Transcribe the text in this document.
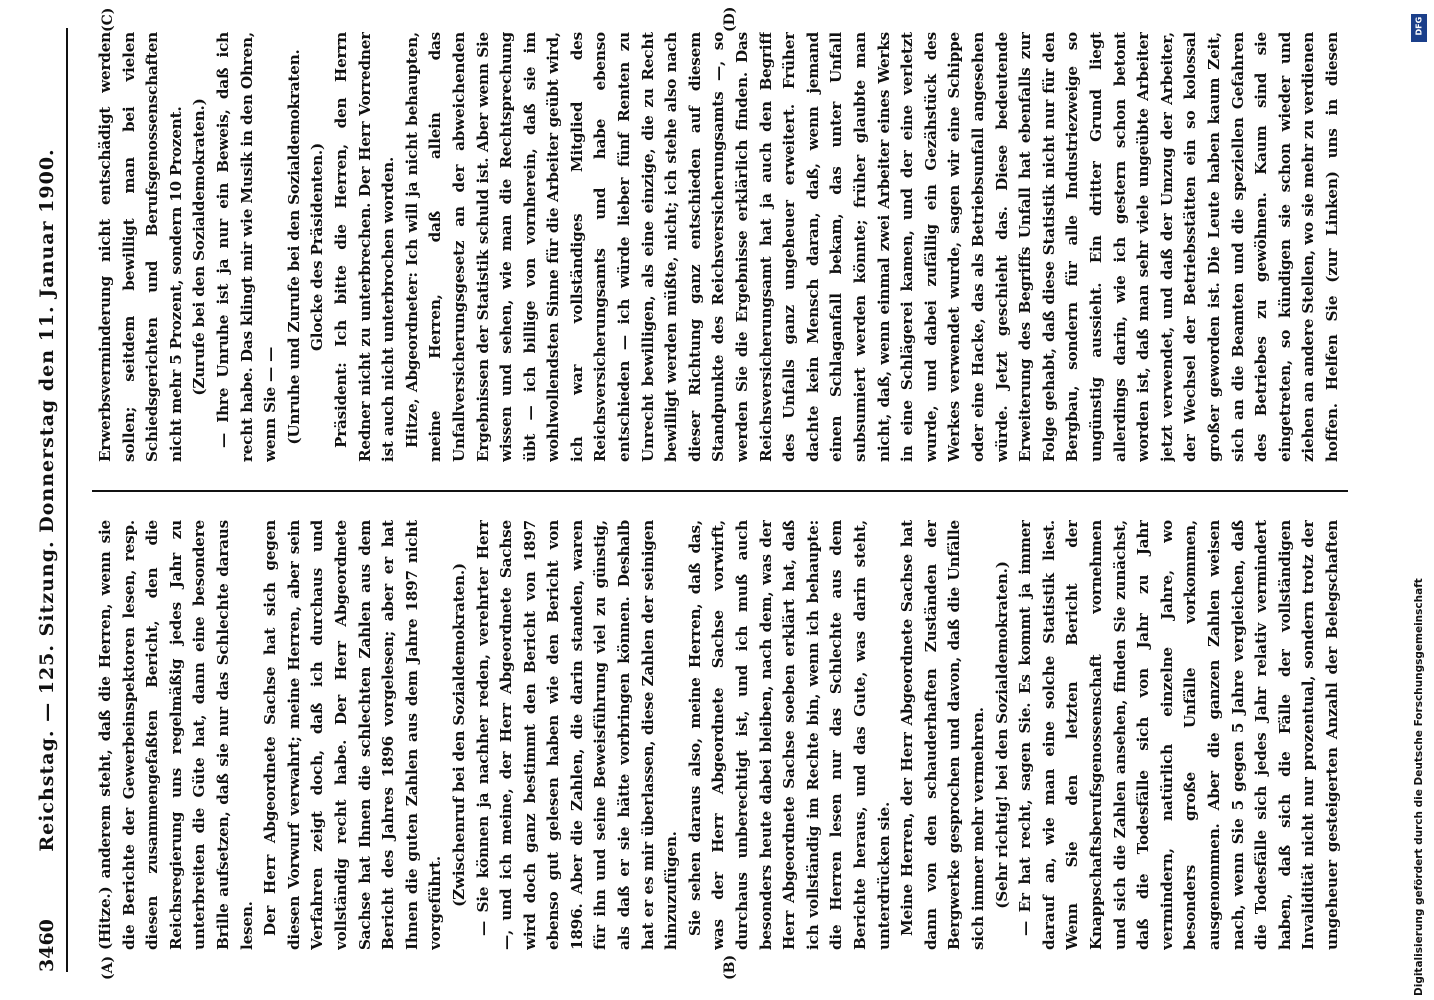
3460
Reichstag. — 125. Sitzung. Donnerstag den 11. Januar 1900.
(A)	(B)
(C)	(D)

(Hitze.) anderem steht, daß die Herren, wenn sie die Berichte der Gewerbeinspektoren lesen, resp. diesen zusammengefaßten Bericht, den die Reichsregierung uns regelmäßig jedes Jahr zu unterbreiten die Güte hat, dann eine besondere Brille aufsetzen, daß sie nur das Schlechte daraus lesen. Der Herr Abgeordnete Sachse hat sich gegen diesen Vorwurf verwahrt; meine Herren, aber sein Verfahren zeigt doch, daß ich durchaus und vollständig recht habe. Der Herr Abgeordnete Sachse hat Ihnen die schlechten Zahlen aus dem Bericht des Jahres 1896 vorgelesen; aber er hat Ihnen die guten Zahlen aus dem Jahre 1897 nicht vorgeführt. (Zwischenruf bei den Sozialdemokraten.) — Sie können ja nachher reden, verehrter Herr —, und ich meine, der Herr Abgeordnete Sachse wird doch ganz bestimmt den Bericht von 1897 ebenso gut gelesen haben wie den Bericht von 1896. Aber die Zahlen, die darin standen, waren für ihn und seine Beweisführung viel zu günstig, als daß er sie hätte vorbringen können. Deshalb hat er es mir überlassen, diese Zahlen der seinigen hinzuzufügen. Sie sehen daraus also, meine Herren, daß das, was der Herr Abgeordnete Sachse vorwirft, durchaus unberechtigt ist, und ich muß auch besonders heute dabei bleiben, nach dem, was der Herr Abgeordnete Sachse soeben erklärt hat, daß ich vollständig im Rechte bin, wenn ich behaupte: die Herren lesen nur das Schlechte aus dem Berichte heraus, und das Gute, was darin steht, unterdrücken sie. Meine Herren, der Herr Abgeordnete Sachse hat dann von den schauderhaften Zuständen der Bergwerke gesprochen und davon, daß die Unfälle sich immer mehr vermehren. (Sehr richtig! bei den Sozialdemokraten.)

— Er hat recht, sagen Sie. Es kommt ja immer darauf an, wie man eine solche Statistik liest. Wenn Sie den letzten Bericht der Knappschaftsberufsgenossenschaft vornehmen und sich die Zahlen ansehen, finden Sie zunächst, daß die Todesfälle sich von Jahr zu Jahr vermindern, natürlich einzelne Jahre, wo besonders große Unfälle vorkommen, ausgenommen. Aber die ganzen Zahlen weisen nach, wenn Sie 5 gegen 5 Jahre vergleichen, daß die Todesfälle sich jedes Jahr relativ vermindert haben, daß sich die Fälle der vollständigen Invalidität nicht nur prozentual, sondern trotz der ungeheuer gesteigerten Anzahl der Belegschaften

Erwerbsverminderung nicht entschädigt werden sollen; seitdem bewilligt man bei vielen Schiedsgerichten und Berufsgenossenschaften nicht mehr 5 Prozent, sondern 10 Prozent. (Zurufe bei den Sozialdemokraten.) — Ihre Unruhe ist ja nur ein Beweis, daß ich recht habe. Das klingt mir wie Musik in den Ohren, wenn Sie — — (Unruhe und Zurufe bei den Sozialdemokraten. Glocke des Präsidenten.) Präsident: Ich bitte die Herren, den Herrn Redner nicht zu unterbrechen. Der Herr Vorredner ist auch nicht unterbrochen worden. Hitze, Abgeordneter: Ich will ja nicht behaupten, meine Herren, daß allein das Unfallversicherungsgesetz an der abweichenden Ergebnissen der Statistik schuld ist. Aber wenn Sie wissen und sehen, wie man die Rechtsprechung übt — ich billige von vornherein, daß sie im wohlwollendsten Sinne für die Arbeiter geübt wird, ich war vollständiges Mitglied des Reichsversicherungsamts und habe ebenso entschieden — ich würde lieber fünf Renten zu Unrecht bewilligen, als eine einzige, die zu Recht bewilligt werden müßte, nicht; ich stehe also nach dieser Richtung ganz entschieden auf diesem Standpunkte des Reichsversicherungsamts —, so werden Sie die Ergebnisse erklärlich finden. Das Reichsversicherungsamt hat ja auch den Begriff des Unfalls ganz ungeheuer erweitert. Früher dachte kein Mensch daran, daß, wenn jemand einen Schlaganfall bekam, das unter Unfall subsumiert werden könnte; früher glaubte man nicht, daß, wenn einmal zwei Arbeiter eines Werks in eine Schlägerei kamen, und der eine verletzt wurde, und dabei zufällig ein Gezähstück des Werkes verwendet wurde, sagen wir eine Schippe oder eine Hacke, das als Betriebsunfall angesehen würde. Jetzt geschieht das. Diese bedeutende Erweiterung des Begriffs Unfall hat ebenfalls zur Folge gehabt, daß diese Statistik nicht nur für den Bergbau, sondern für alle Industriezweige so ungünstig aussieht. Ein dritter Grund liegt allerdings darin, wie ich gestern schon betont worden ist, daß man sehr viele ungeübte Arbeiter jetzt verwendet, und daß der Umzug der Arbeiter, der Wechsel der Betriebsstätten ein so kolossal großer geworden ist. Die Leute haben kaum Zeit, sich an die Beamten und die speziellen Gefahren des Betriebes zu gewöhnen. Kaum sind sie eingetreten, so kündigen sie schon wieder und ziehen an andere Stellen, wo sie mehr zu verdienen hoffen. Helfen Sie (zur Linken) uns in diesen

Digitalisierung gefördert durch die Deutsche Forschungsgemeinschaft
DFG
